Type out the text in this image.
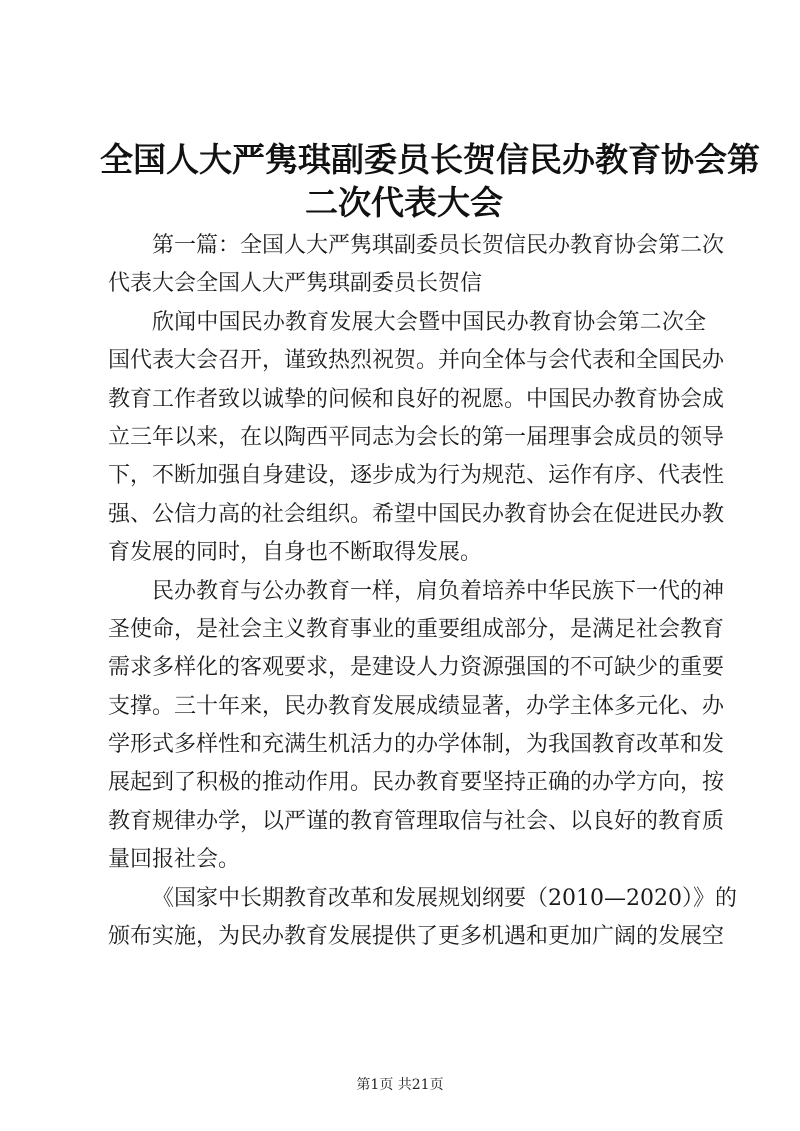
全国人大严隽琪副委员长贺信民办教育协会第
二次代表大会
第一篇：全国人大严隽琪副委员长贺信民办教育协会第二次
代表大会全国人大严隽琪副委员长贺信
欣闻中国民办教育发展大会暨中国民办教育协会第二次全
国代表大会召开，谨致热烈祝贺。并向全体与会代表和全国民办
教育工作者致以诚挚的问候和良好的祝愿。中国民办教育协会成
立三年以来，在以陶西平同志为会长的第一届理事会成员的领导
下，不断加强自身建设，逐步成为行为规范、运作有序、代表性
强、公信力高的社会组织。希望中国民办教育协会在促进民办教
育发展的同时，自身也不断取得发展。
民办教育与公办教育一样，肩负着培养中华民族下一代的神
圣使命，是社会主义教育事业的重要组成部分，是满足社会教育
需求多样化的客观要求，是建设人力资源强国的不可缺少的重要
支撑。三十年来，民办教育发展成绩显著，办学主体多元化、办
学形式多样性和充满生机活力的办学体制，为我国教育改革和发
展起到了积极的推动作用。民办教育要坚持正确的办学方向，按
教育规律办学，以严谨的教育管理取信与社会、以良好的教育质
量回报社会。
《国家中长期教育改革和发展规划纲要（2010—2020）》的
颁布实施，为民办教育发展提供了更多机遇和更加广阔的发展空
第1页 共21页
